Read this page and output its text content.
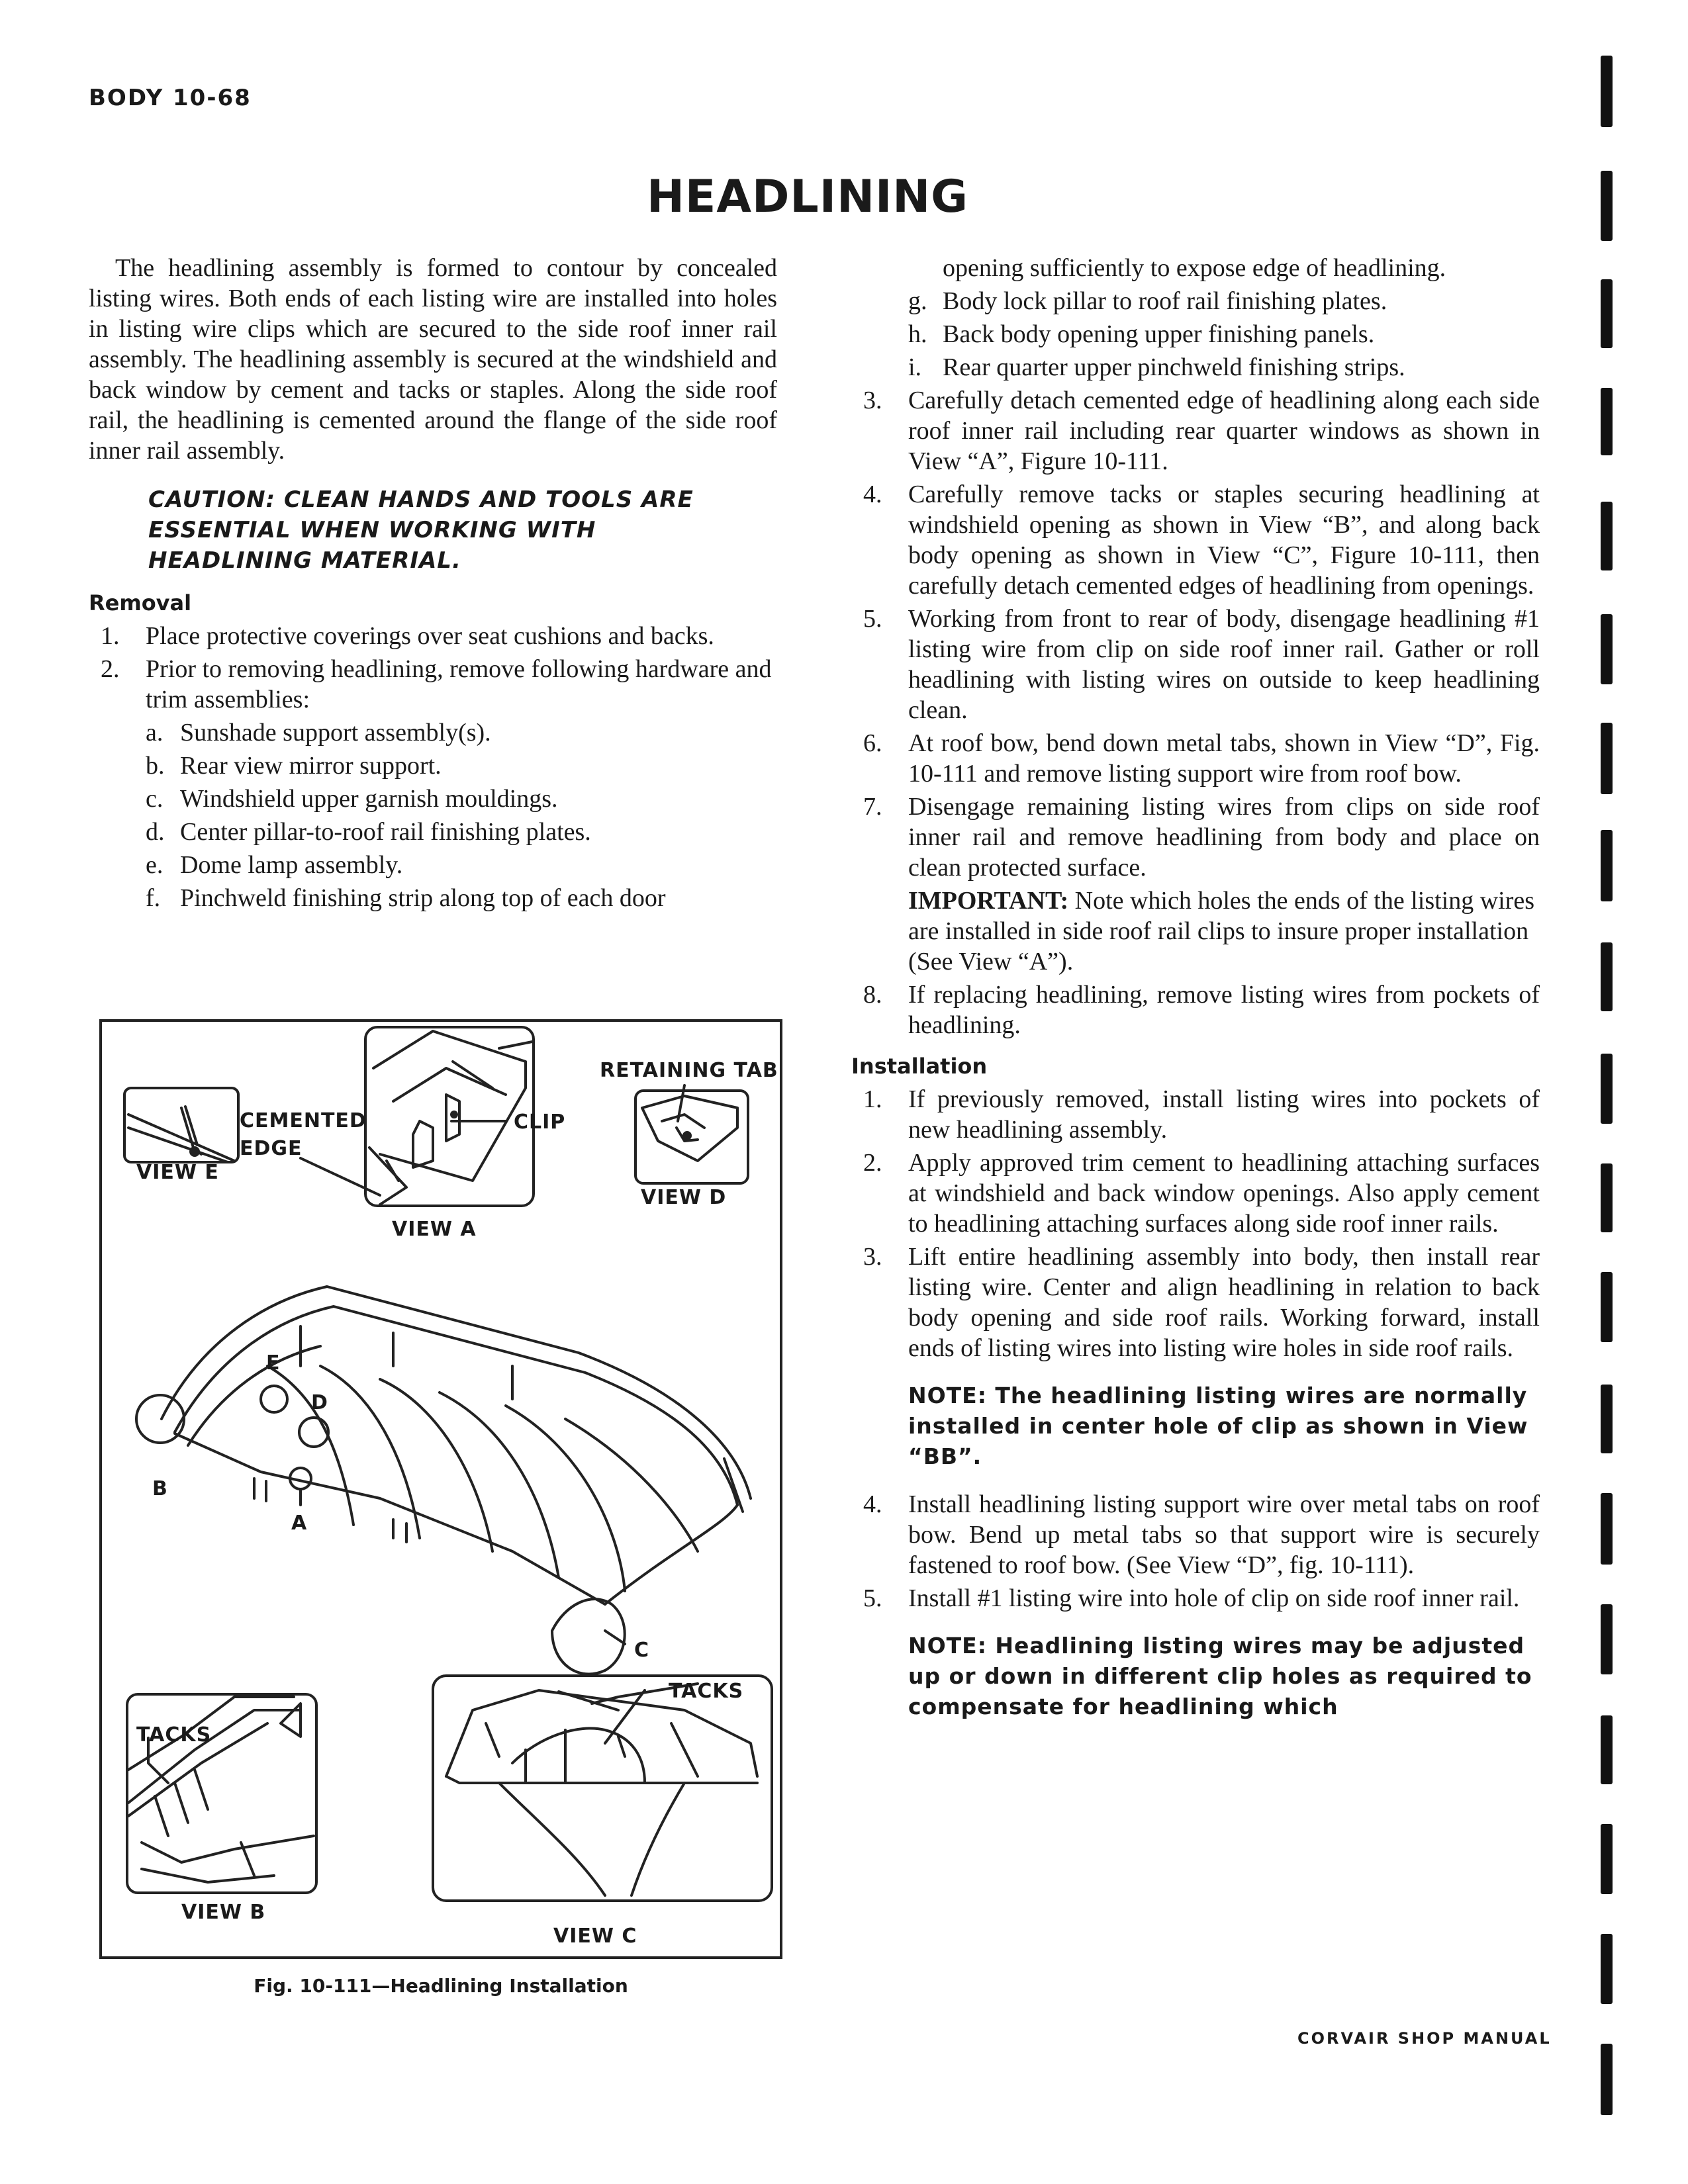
BODY 10-68
HEADLINING

The headlining assembly is formed to contour by concealed listing wires. Both ends of each listing wire are installed into holes in listing wire clips which are secured to the side roof inner rail assembly. The headlining assembly is secured at the windshield and back window by cement and tacks or staples. Along the side roof rail, the headlining is cemented around the flange of the side roof inner rail assembly.

CAUTION: CLEAN HANDS AND TOOLS ARE ESSENTIAL WHEN WORKING WITH HEADLINING MATERIAL.
Removal
1. Place protective coverings over seat cushions and backs.
2. Prior to removing headlining, remove following hardware and trim assemblies:
a. Sunshade support assembly(s).
b. Rear view mirror support.
c. Windshield upper garnish mouldings.
d. Center pillar-to-roof rail finishing plates.
e. Dome lamp assembly.
f. Pinchweld finishing strip along top of each door
CEMENTED
EDGE
VIEW E
CLIP
VIEW A
RETAINING TAB
VIEW D
E
D
B
A
C
TACKS
VIEW B
TACKS
VIEW C
Fig. 10-111—Headlining Installation

opening sufficiently to expose edge of headlining.

g. Body lock pillar to roof rail finishing plates.
h. Back body opening upper finishing panels.
i. Rear quarter upper pinchweld finishing strips.
3. Carefully detach cemented edge of headlining along each side roof inner rail including rear quarter windows as shown in View “A”, Figure 10-111.
4. Carefully remove tacks or staples securing headlining at windshield opening as shown in View “B”, and along back body opening as shown in View “C”, Figure 10-111, then carefully detach cemented edges of headlining from openings.
5. Working from front to rear of body, disengage headlining #1 listing wire from clip on side roof inner rail. Gather or roll headlining with listing wires on outside to keep headlining clean.
6. At roof bow, bend down metal tabs, shown in View “D”, Fig. 10-111 and remove listing support wire from roof bow.
7. Disengage remaining listing wires from clips on side roof inner rail and remove headlining from body and place on clean protected surface.
IMPORTANT: Note which holes the ends of the listing wires are installed in side roof rail clips to insure proper installation (See View “A”).
8. If replacing headlining, remove listing wires from pockets of headlining.
Installation
1. If previously removed, install listing wires into pockets of new headlining assembly.
2. Apply approved trim cement to headlining attaching surfaces at windshield and back window openings. Also apply cement to headlining attaching surfaces along side roof inner rails.
3. Lift entire headlining assembly into body, then install rear listing wire. Center and align headlining in relation to back body opening and side roof rails. Working forward, install ends of listing wires into listing wire holes in side roof rails.
NOTE: The headlining listing wires are normally installed in center hole of clip as shown in View “BB”.
4. Install headlining listing support wire over metal tabs on roof bow. Bend up metal tabs so that support wire is securely fastened to roof bow. (See View “D”, fig. 10-111).
5. Install #1 listing wire into hole of clip on side roof inner rail.
NOTE: Headlining listing wires may be adjusted up or down in different clip holes as required to compensate for headlining which
CORVAIR SHOP MANUAL
